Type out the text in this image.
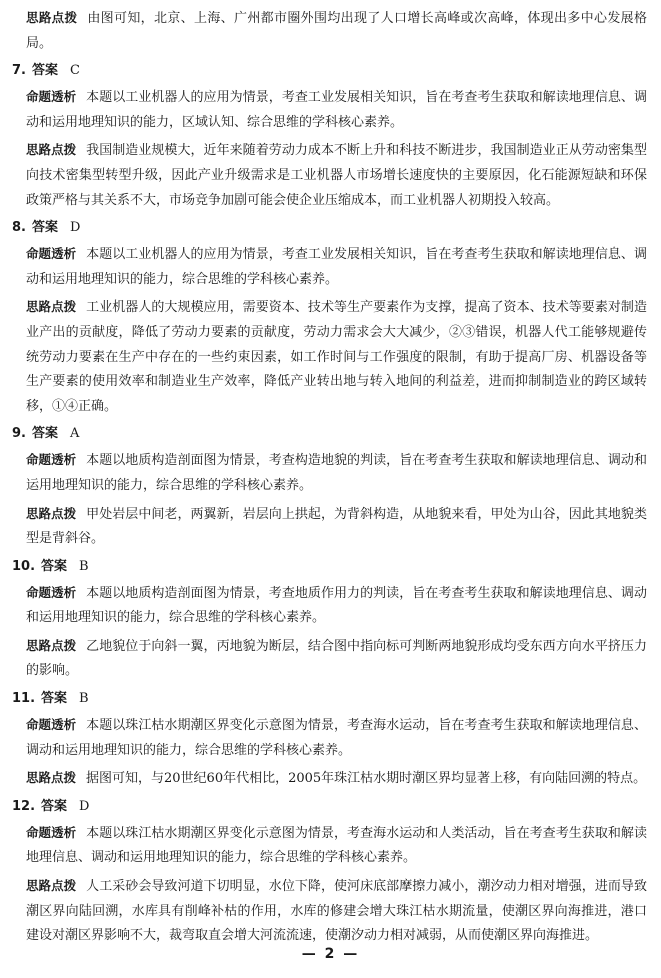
思路点拨 由图可知，北京、上海、广州都市圈外围均出现了人口增长高峰或次高峰，体现出多中心发展格局。

7. 答案 C

命题透析 本题以工业机器人的应用为情景，考查工业发展相关知识，旨在考查考生获取和解读地理信息、调动和运用地理知识的能力，区域认知、综合思维的学科核心素养。

思路点拨 我国制造业规模大，近年来随着劳动力成本不断上升和科技不断进步，我国制造业正从劳动密集型向技术密集型转型升级，因此产业升级需求是工业机器人市场增长速度快的主要原因，化石能源短缺和环保政策严格与其关系不大，市场竞争加剧可能会使企业压缩成本，而工业机器人初期投入较高。

8. 答案 D

命题透析 本题以工业机器人的应用为情景，考查工业发展相关知识，旨在考查考生获取和解读地理信息、调动和运用地理知识的能力，综合思维的学科核心素养。

思路点拨 工业机器人的大规模应用，需要资本、技术等生产要素作为支撑，提高了资本、技术等要素对制造业产出的贡献度，降低了劳动力要素的贡献度，劳动力需求会大大减少，②③错误，机器人代工能够规避传统劳动力要素在生产中存在的一些约束因素，如工作时间与工作强度的限制，有助于提高厂房、机器设备等生产要素的使用效率和制造业生产效率，降低产业转出地与转入地间的利益差，进而抑制制造业的跨区域转移，①④正确。

9. 答案 A

命题透析 本题以地质构造剖面图为情景，考查构造地貌的判读，旨在考查考生获取和解读地理信息、调动和运用地理知识的能力，综合思维的学科核心素养。

思路点拨 甲处岩层中间老，两翼新，岩层向上拱起，为背斜构造，从地貌来看，甲处为山谷，因此其地貌类型是背斜谷。

10. 答案 B

命题透析 本题以地质构造剖面图为情景，考查地质作用力的判读，旨在考查考生获取和解读地理信息、调动和运用地理知识的能力，综合思维的学科核心素养。

思路点拨 乙地貌位于向斜一翼，丙地貌为断层，结合图中指向标可判断两地貌形成均受东西方向水平挤压力的影响。

11. 答案 B

命题透析 本题以珠江枯水期潮区界变化示意图为情景，考查海水运动，旨在考查考生获取和解读地理信息、调动和运用地理知识的能力，综合思维的学科核心素养。

思路点拨 据图可知，与20世纪60年代相比，2005年珠江枯水期时潮区界均显著上移，有向陆回溯的特点。

12. 答案 D

命题透析 本题以珠江枯水期潮区界变化示意图为情景，考查海水运动和人类活动，旨在考查考生获取和解读地理信息、调动和运用地理知识的能力，综合思维的学科核心素养。

思路点拨 人工采砂会导致河道下切明显，水位下降，使河床底部摩擦力减小，潮汐动力相对增强，进而导致潮区界向陆回溯，水库具有削峰补枯的作用，水库的修建会增大珠江枯水期流量，使潮区界向海推进，港口建设对潮区界影响不大，裁弯取直会增大河流流速，使潮汐动力相对减弱，从而使潮区界向海推进。

— 2 —
